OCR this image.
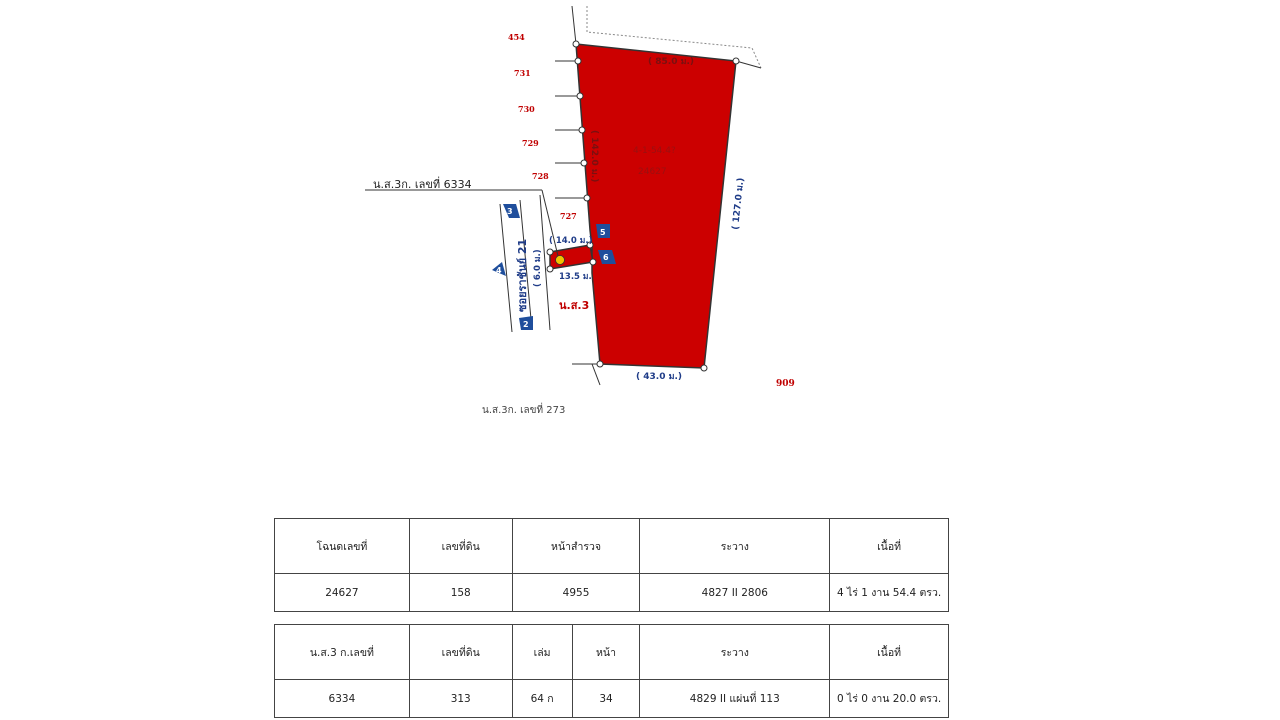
454
731
730
729
728
727
909
4-1-54.4?
24627
( 85.0 ม.)
( 142.0 ม.)
( 127.0 ม.)
( 43.0 ม.)
( 14.0 ม.)
13.5 ม.
( 6.0 ม.)
ซอยราชันย์ 21
น.ส.3ก. เลขที่ 6334
น.ส.3
น.ส.3ก. เลขที่ 273
3
4
2
5
6
โฉนดเลขที่	เลขที่ดิน	หน้าสำรวจ	ระวาง	เนื้อที่
24627	158	4955	4827 II 2806	4 ไร่ 1 งาน 54.4 ตรว.
น.ส.3 ก.เลขที่	เลขที่ดิน	เล่ม	หน้า	ระวาง	เนื้อที่
6334	313	64 ก	34	4829 II แผ่นที่ 113	0 ไร่ 0 งาน 20.0 ตรว.
